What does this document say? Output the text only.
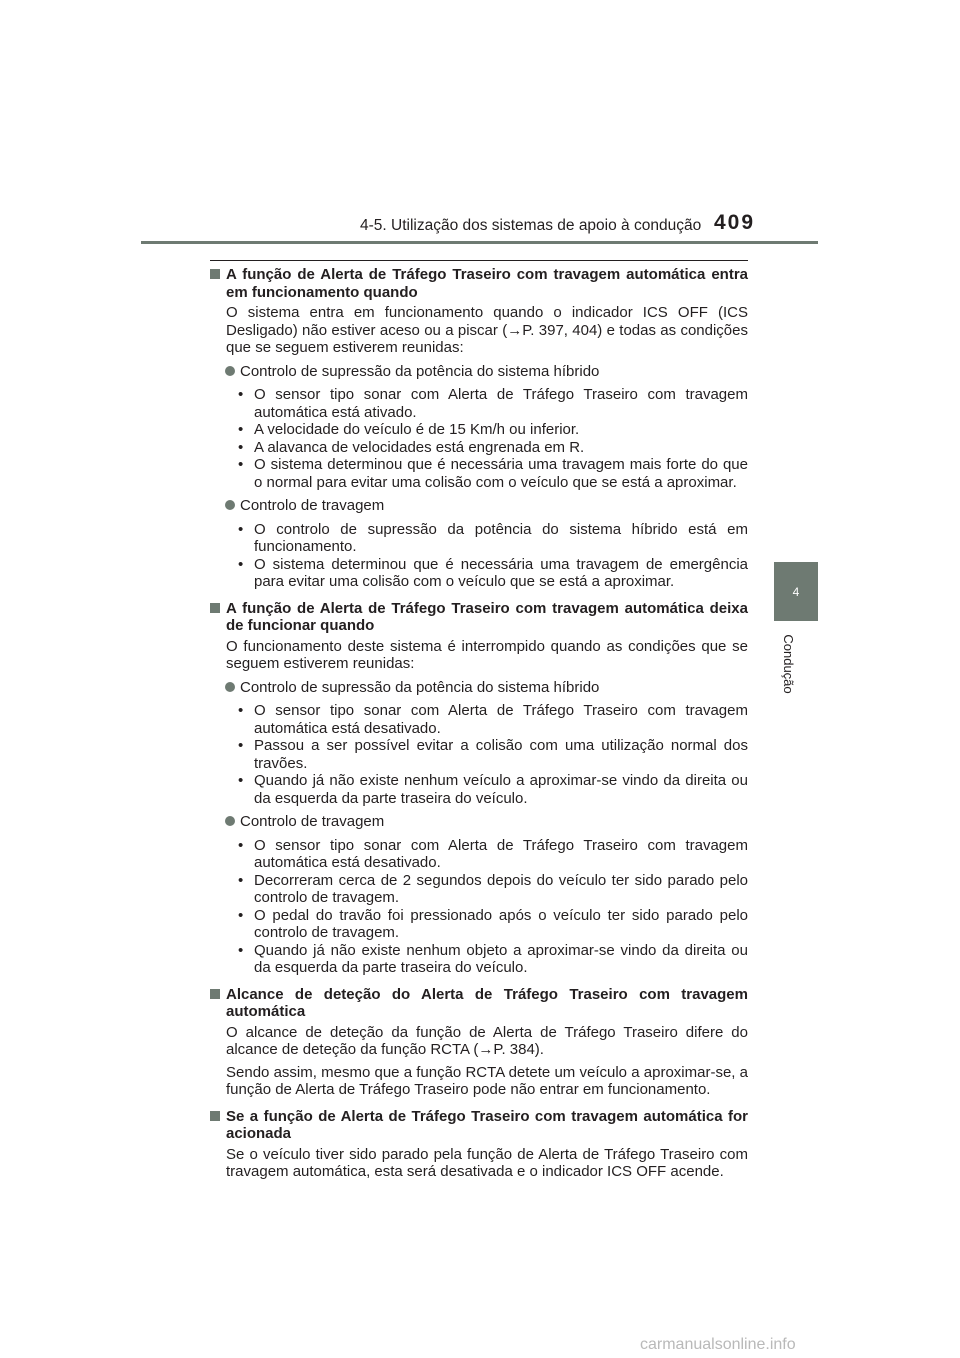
4-5. Utilização dos sistemas de apoio à condução 409
4
Condução
A função de Alerta de Tráfego Traseiro com travagem automática entra em funcionamento quando
O sistema entra em funcionamento quando o indicador ICS OFF (ICS Desligado) não estiver aceso ou a piscar (→P. 397, 404) e todas as condições que se seguem estiverem reunidas:
Controlo de supressão da potência do sistema híbrido
• O sensor tipo sonar com Alerta de Tráfego Traseiro com travagem automática está ativado.
• A velocidade do veículo é de 15 Km/h ou inferior.
• A alavanca de velocidades está engrenada em R.
• O sistema determinou que é necessária uma travagem mais forte do que o normal para evitar uma colisão com o veículo que se está a aproximar.
Controlo de travagem
• O controlo de supressão da potência do sistema híbrido está em funcionamento.
• O sistema determinou que é necessária uma travagem de emergência para evitar uma colisão com o veículo que se está a aproximar.
A função de Alerta de Tráfego Traseiro com travagem automática deixa de funcionar quando
O funcionamento deste sistema é interrompido quando as condições que se seguem estiverem reunidas:
Controlo de supressão da potência do sistema híbrido
• O sensor tipo sonar com Alerta de Tráfego Traseiro com travagem automática está desativado.
• Passou a ser possível evitar a colisão com uma utilização normal dos travões.
• Quando já não existe nenhum veículo a aproximar-se vindo da direita ou da esquerda da parte traseira do veículo.
Controlo de travagem
• O sensor tipo sonar com Alerta de Tráfego Traseiro com travagem automática está desativado.
• Decorreram cerca de 2 segundos depois do veículo ter sido parado pelo controlo de travagem.
• O pedal do travão foi pressionado após o veículo ter sido parado pelo controlo de travagem.
• Quando já não existe nenhum objeto a aproximar-se vindo da direita ou da esquerda da parte traseira do veículo.
Alcance de deteção do Alerta de Tráfego Traseiro com travagem automática
O alcance de deteção da função de Alerta de Tráfego Traseiro difere do alcance de deteção da função RCTA (→P. 384).
Sendo assim, mesmo que a função RCTA detete um veículo a aproximar-se, a função de Alerta de Tráfego Traseiro pode não entrar em funcionamento.
Se a função de Alerta de Tráfego Traseiro com travagem automática for acionada
Se o veículo tiver sido parado pela função de Alerta de Tráfego Traseiro com travagem automática, esta será desativada e o indicador ICS OFF acende.
carmanualsonline.info
